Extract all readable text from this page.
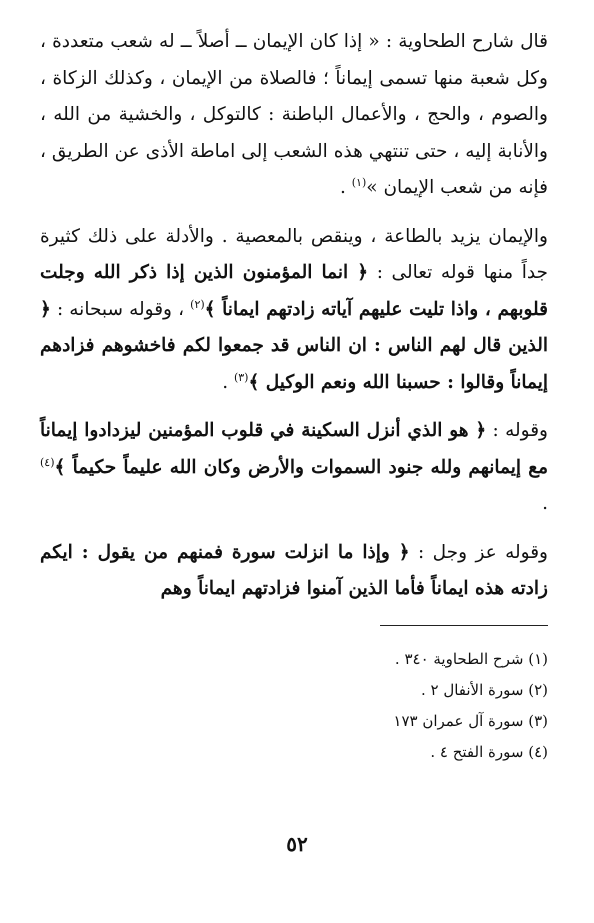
قال شارح الطحاوية : « إذا كان الإيمان ــ أصلاً ــ له شعب متعددة ، وكل شعبة منها تسمى إيماناً ؛ فالصلاة من الإيمان ، وكذلك الزكاة ، والصوم ، والحج ، والأعمال الباطنة : كالتوكل ، والخشية من الله ، والأنابة إليه ، حتى تنتهي هذه الشعب إلى اماطة الأذى عن الطريق ، فإنه من شعب الإيمان »$^{(١)}$ .

والإيمان يزيد بالطاعة ، وينقص بالمعصية . والأدلة على ذلك كثيرة جداً منها قوله تعالى : ﴿ انما المؤمنون الذين إذا ذكر الله وجلت قلوبهم ، واذا تليت عليهم آياته زادتهم ايماناً ﴾$^{(٢)}$ ، وقوله سبحانه : ﴿ الذين قال لهم الناس : ان الناس قد جمعوا لكم فاخشوهم فزادهم إيماناً وقالوا : حسبنا الله ونعم الوكيل ﴾$^{(٣)}$ .

وقوله : ﴿ هو الذي أنزل السكينة في قلوب المؤمنين ليزدادوا إيماناً مع إيمانهم ولله جنود السموات والأرض وكان الله عليماً حكيماً ﴾$^{(٤)}$ .

وقوله عز وجل : ﴿ وإذا ما انزلت سورة فمنهم من يقول : ايكم زادته هذه ايماناً فأما الذين آمنوا فزادتهم ايماناً وهم

(١) شرح الطحاوية ٣٤٠ .
(٢) سورة الأنفال ٢ .
(٣) سورة آل عمران ١٧٣
(٤) سورة الفتح ٤ .
٥٢
